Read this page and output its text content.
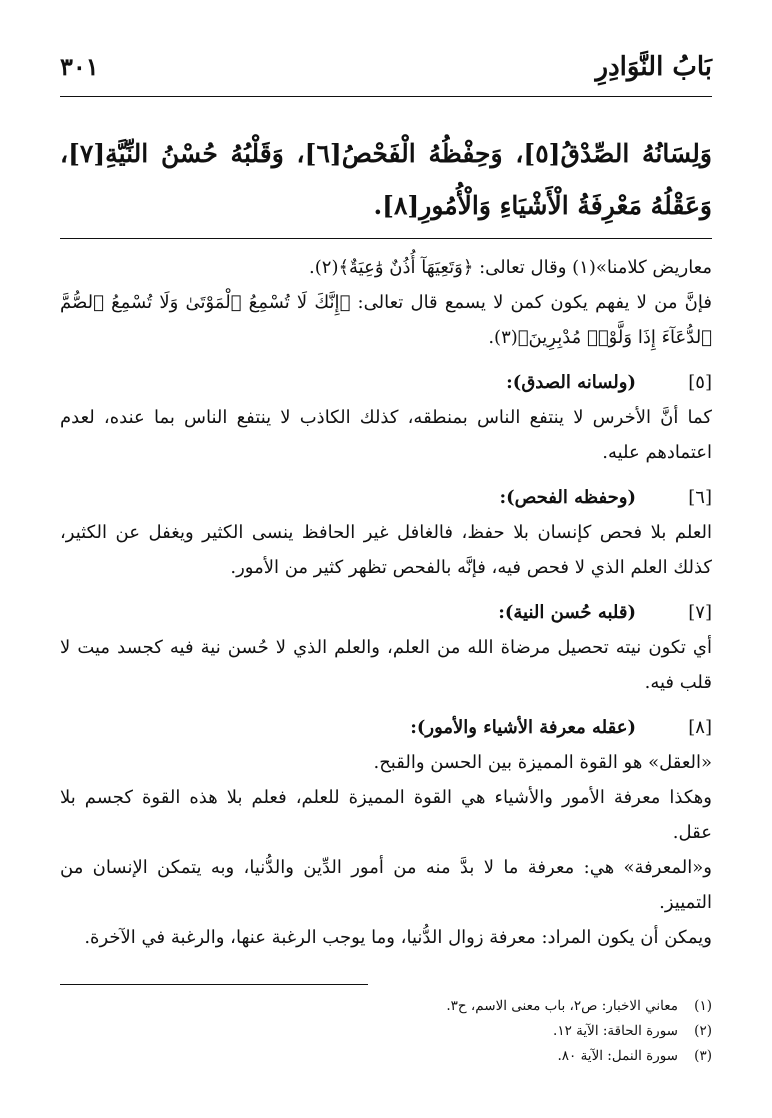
بَابُ النَّوَادِرِ
٣٠١
وَلِسَانُهُ الصِّدْقُ[٥]، وَحِفْظُهُ الْفَحْصُ[٦]، وَقَلْبُهُ حُسْنُ النِّيَّةِ[٧]، وَعَقْلُهُ مَعْرِفَةُ الْأَشْيَاءِ وَالْأُمُورِ[٨].

معاريض كلامنا»(١) وقال تعالى: ﴿وَتَعِيَهَآ أُذُنٌ وَٰعِيَةٌ﴾(٢).

فإنَّ من لا يفهم يكون كمن لا يسمع قال تعالى: ﴿إِنَّكَ لَا تُسْمِعُ ٱلْمَوْتَىٰ وَلَا تُسْمِعُ ٱلصُّمَّ ٱلدُّعَآءَ إِذَا وَلَّوْا۟ مُدْبِرِينَ﴾(٣).

[٥]
(ولسانه الصدق):

كما أنَّ الأخرس لا ينتفع الناس بمنطقه، كذلك الكاذب لا ينتفع الناس بما عنده، لعدم اعتمادهم عليه.

[٦]
(وحفظه الفحص):

العلم بلا فحص كإنسان بلا حفظ، فالغافل غير الحافظ ينسى الكثير ويغفل عن الكثير، كذلك العلم الذي لا فحص فيه، فإنَّه بالفحص تظهر كثير من الأمور.

[٧]
(قلبه حُسن النية):

أي تكون نيته تحصيل مرضاة الله من العلم، والعلم الذي لا حُسن نية فيه كجسد ميت لا قلب فيه.

[٨]
(عقله معرفة الأشياء والأمور):

«العقل» هو القوة المميزة بين الحسن والقبح.

وهكذا معرفة الأمور والأشياء هي القوة المميزة للعلم، فعلم بلا هذه القوة كجسم بلا عقل.

و«المعرفة» هي: معرفة ما لا بدَّ منه من أمور الدِّين والدُّنيا، وبه يتمكن الإنسان من التمييز.

ويمكن أن يكون المراد: معرفة زوال الدُّنيا، وما يوجب الرغبة عنها، والرغبة في الآخرة.

(١)
معاني الاخبار: ص٢، باب معنى الاسم، ح٣.
(٢)
سورة الحاقة: الآية ١٢.
(٣)
سورة النمل: الآية ٨٠.
